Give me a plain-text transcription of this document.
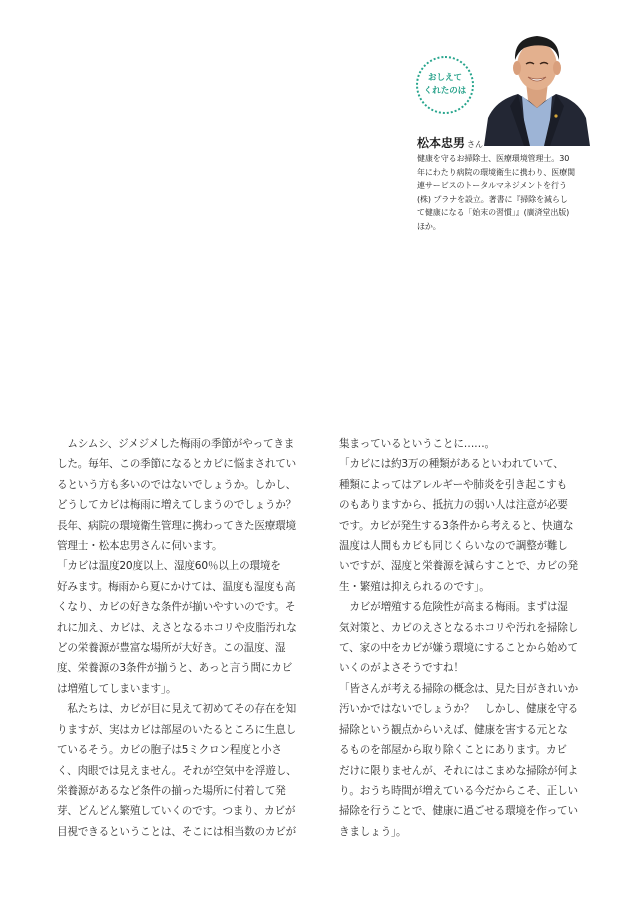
おしえて
くれたのは
松本忠男 さん

健康を守るお掃除士、医療環境管理士。30

年にわたり病院の環境衛生に携わり、医療関

連サービスのトータルマネジメントを行う

(株) プラナを設立。著書に『掃除を減らし

て健康になる「始末の習慣」』(廣済堂出版)

ほか。

　ムシムシ、ジメジメした梅雨の季節がやってきま

した。毎年、この季節になるとカビに悩まされてい

るという方も多いのではないでしょうか。しかし、

どうしてカビは梅雨に増えてしまうのでしょうか？

長年、病院の環境衛生管理に携わってきた医療環境

管理士・松本忠男さんに伺います。

「カビは温度20度以上、湿度60％以上の環境を

好みます。梅雨から夏にかけては、温度も湿度も高

くなり、カビの好きな条件が揃いやすいのです。そ

れに加え、カビは、えさとなるホコリや皮脂汚れな

どの栄養源が豊富な場所が大好き。この温度、湿

度、栄養源の3条件が揃うと、あっと言う間にカビ

は増殖してしまいます」。

　私たちは、カビが目に見えて初めてその存在を知

りますが、実はカビは部屋のいたるところに生息し

ているそう。カビの胞子は5ミクロン程度と小さ

く、肉眼では見えません。それが空気中を浮遊し、

栄養源があるなど条件の揃った場所に付着して発

芽、どんどん繁殖していくのです。つまり、カビが

目視できるということは、そこには相当数のカビが

集まっているということに……。

「カビには約3万の種類があるといわれていて、

種類によってはアレルギーや肺炎を引き起こすも

のもありますから、抵抗力の弱い人は注意が必要

です。カビが発生する3条件から考えると、快適な

温度は人間もカビも同じくらいなので調整が難し

いですが、湿度と栄養源を減らすことで、カビの発

生・繁殖は抑えられるのです」。

　カビが増殖する危険性が高まる梅雨。まずは湿

気対策と、カビのえさとなるホコリや汚れを掃除し

て、家の中をカビが嫌う環境にすることから始めて

いくのがよさそうですね！

「皆さんが考える掃除の概念は、見た目がきれいか

汚いかではないでしょうか？　しかし、健康を守る

掃除という観点からいえば、健康を害する元とな

るものを部屋から取り除くことにあります。カビ

だけに限りませんが、それにはこまめな掃除が何よ

り。おうち時間が増えている今だからこそ、正しい

掃除を行うことで、健康に過ごせる環境を作ってい

きましょう」。
